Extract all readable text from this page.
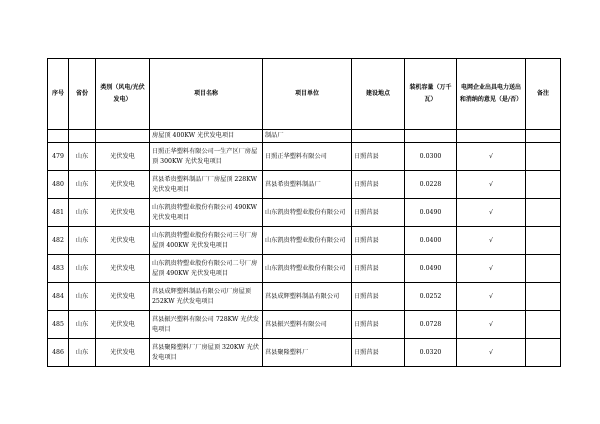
序号	省份	类别（风电/光伏发电）	项目名称	项目单位	建设地点	装机容量（万千瓦）	电网企业出具电力送出和消纳的意见（是/否）	备注
			房屋顶 400KW 光伏发电项目	制品厂				
479	山东	光伏发电	日照正华塑料有限公司一生产区厂房屋顶 300KW 光伏发电项目	日照正华塑料有限公司	日照莒县	0.0300	√	
480	山东	光伏发电	莒县希贵塑料制品厂厂房屋顶 228KW 光伏发电项目	莒县希贵塑料制品厂	日照莒县	0.0228	√	
481	山东	光伏发电	山东凯贵特塑业股份有限公司 490KW 光伏发电项目	山东凯贵特塑业股份有限公司	日照莒县	0.0490	√	
482	山东	光伏发电	山东凯贵特塑业股份有限公司三号厂房屋顶 400KW 光伏发电项目	山东凯贵特塑业股份有限公司	日照莒县	0.0400	√	
483	山东	光伏发电	山东凯贵特塑业股份有限公司二号厂房屋顶 490KW 光伏发电项目	山东凯贵特塑业股份有限公司	日照莒县	0.0490	√	
484	山东	光伏发电	莒县成辉塑料制品有限公司厂房屋顶 252KW 光伏发电项目	莒县成辉塑料制品有限公司	日照莒县	0.0252	√	
485	山东	光伏发电	莒县振兴塑料有限公司 728KW 光伏发电项目	莒县振兴塑料有限公司	日照莒县	0.0728	√	
486	山东	光伏发电	莒县聚隆塑料厂厂房屋顶 320KW 光伏发电项目	莒县聚隆塑料厂	日照莒县	0.0320	√	
